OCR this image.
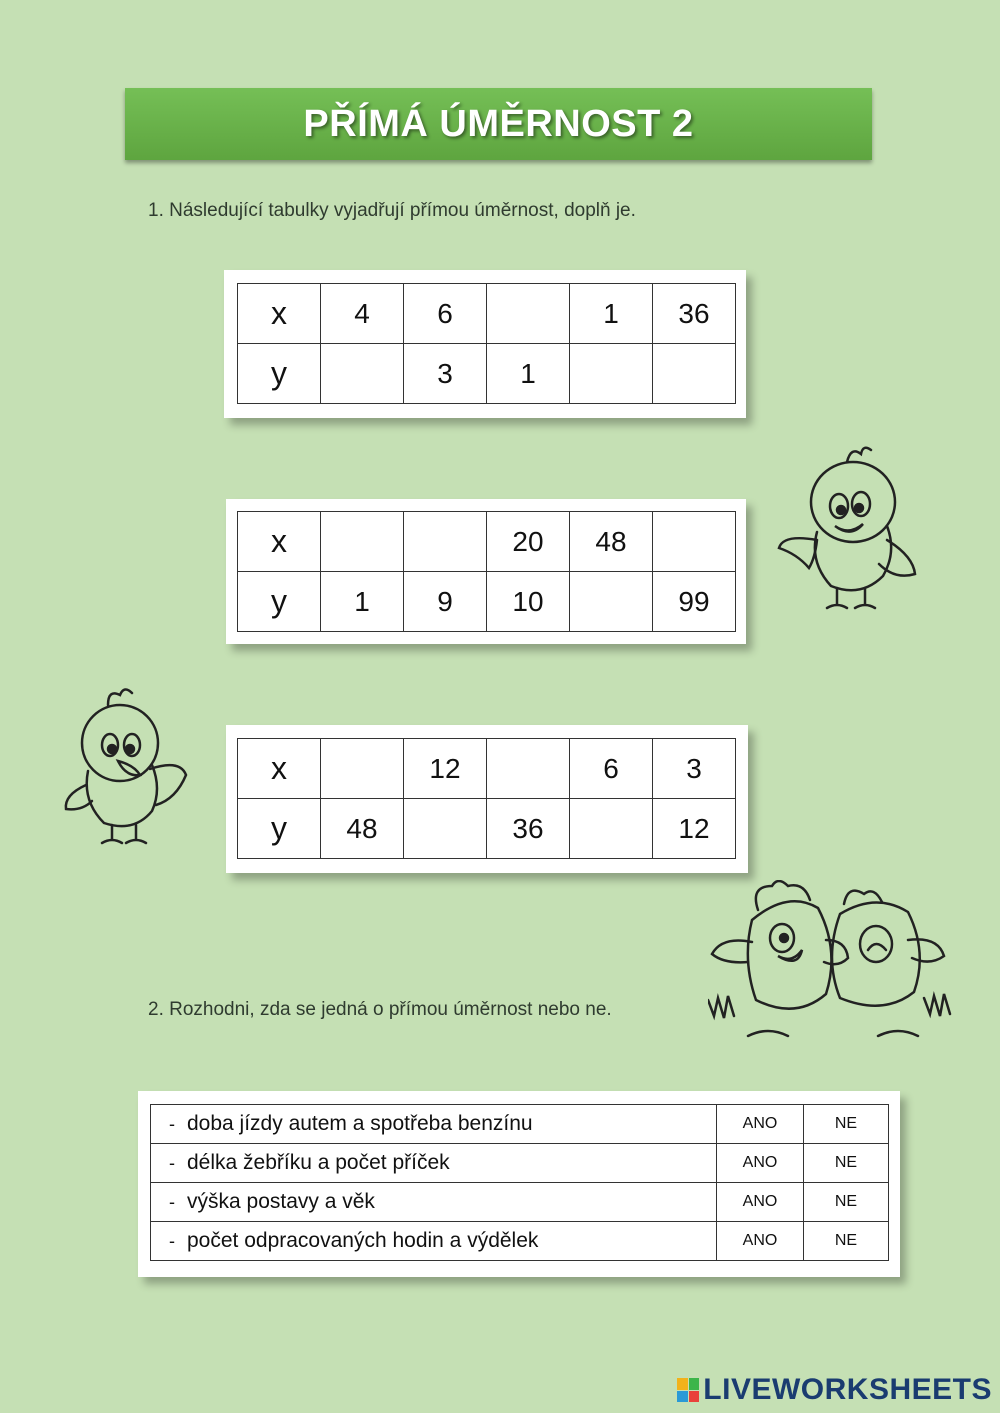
PŘÍMÁ ÚMĚRNOST 2
1. Následující tabulky vyjadřují přímou úměrnost, doplň je.
x	4	6		1	36
y		3	1		
x			20	48	
y	1	9	10		99
x		12		6	3
y	48		36		12
2. Rozhodni, zda se jedná o přímou úměrnost nebo ne.
- doba jízdy autem a spotřeba benzínu	ANO	NE
- délka žebříku a počet příček	ANO	NE
- výška postavy a věk	ANO	NE
- počet odpracovaných hodin a výdělek	ANO	NE
LIVEWORKSHEETS
